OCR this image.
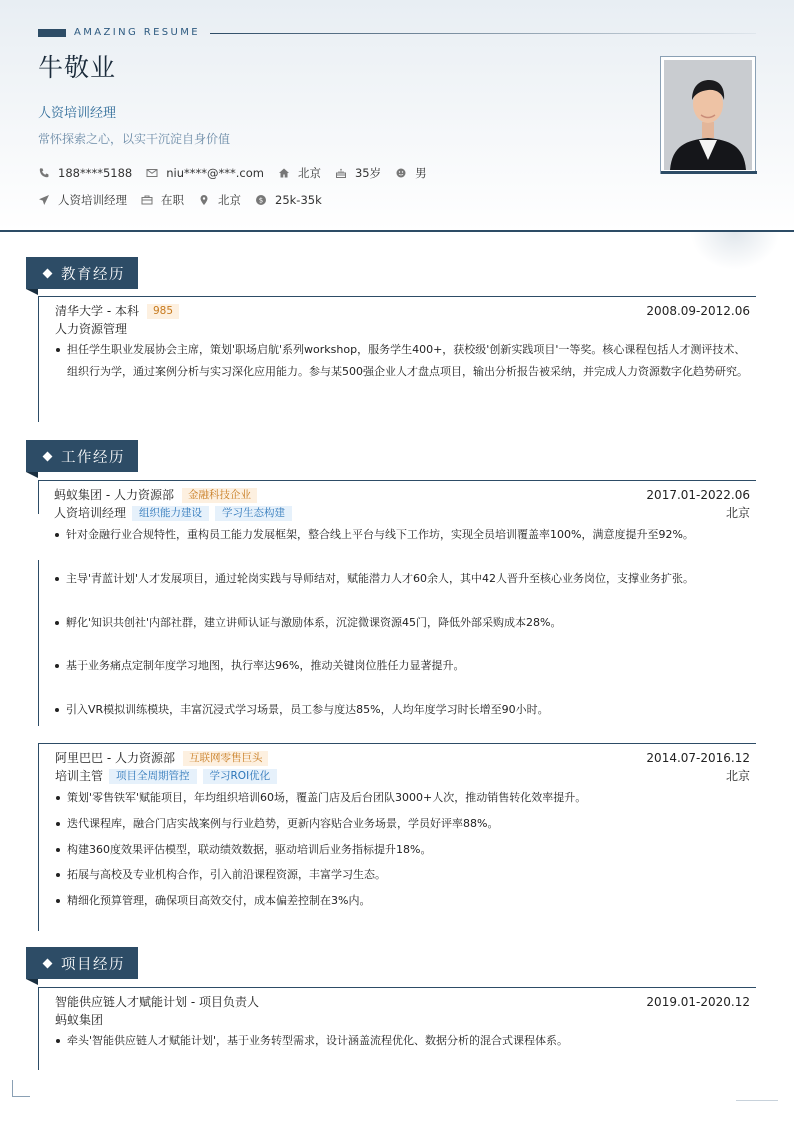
AMAZING RESUME
牛敬业
人资培训经理
常怀探索之心，以实干沉淀自身价值
188****5188	niu****@***.com	北京	35岁	男
人资培训经理	在职	北京	$ 25k-35k
教育经历
清华大学 - 本科	985	2008.09-2012.06
人力资源管理
担任学生职业发展协会主席，策划'职场启航'系列workshop，服务学生400+，获校级'创新实践项目'一等奖。核心课程包括人才测评技术、组织行为学，通过案例分析与实习深化应用能力。参与某500强企业人才盘点项目，输出分析报告被采纳，并完成人力资源数字化趋势研究。
工作经历
蚂蚁集团 - 人力资源部	金融科技企业	2017.01-2022.06
人资培训经理	组织能力建设	学习生态构建	北京
针对金融行业合规特性，重构员工能力发展框架，整合线上平台与线下工作坊，实现全员培训覆盖率100%，满意度提升至92%。
主导'青蓝计划'人才发展项目，通过轮岗实践与导师结对，赋能潜力人才60余人，其中42人晋升至核心业务岗位，支撑业务扩张。
孵化'知识共创社'内部社群，建立讲师认证与激励体系，沉淀微课资源45门，降低外部采购成本28%。
基于业务痛点定制年度学习地图，执行率达96%，推动关键岗位胜任力显著提升。
引入VR模拟训练模块，丰富沉浸式学习场景，员工参与度达85%，人均年度学习时长增至90小时。
阿里巴巴 - 人力资源部	互联网零售巨头	2014.07-2016.12
培训主管	项目全周期管控	学习ROI优化	北京
策划'零售铁军'赋能项目，年均组织培训60场，覆盖门店及后台团队3000+人次，推动销售转化效率提升。
迭代课程库，融合门店实战案例与行业趋势，更新内容贴合业务场景，学员好评率88%。
构建360度效果评估模型，联动绩效数据，驱动培训后业务指标提升18%。
拓展与高校及专业机构合作，引入前沿课程资源，丰富学习生态。
精细化预算管理，确保项目高效交付，成本偏差控制在3%内。
项目经历
智能供应链人才赋能计划 - 项目负责人	2019.01-2020.12
蚂蚁集团
牵头'智能供应链人才赋能计划'，基于业务转型需求，设计涵盖流程优化、数据分析的混合式课程体系。
